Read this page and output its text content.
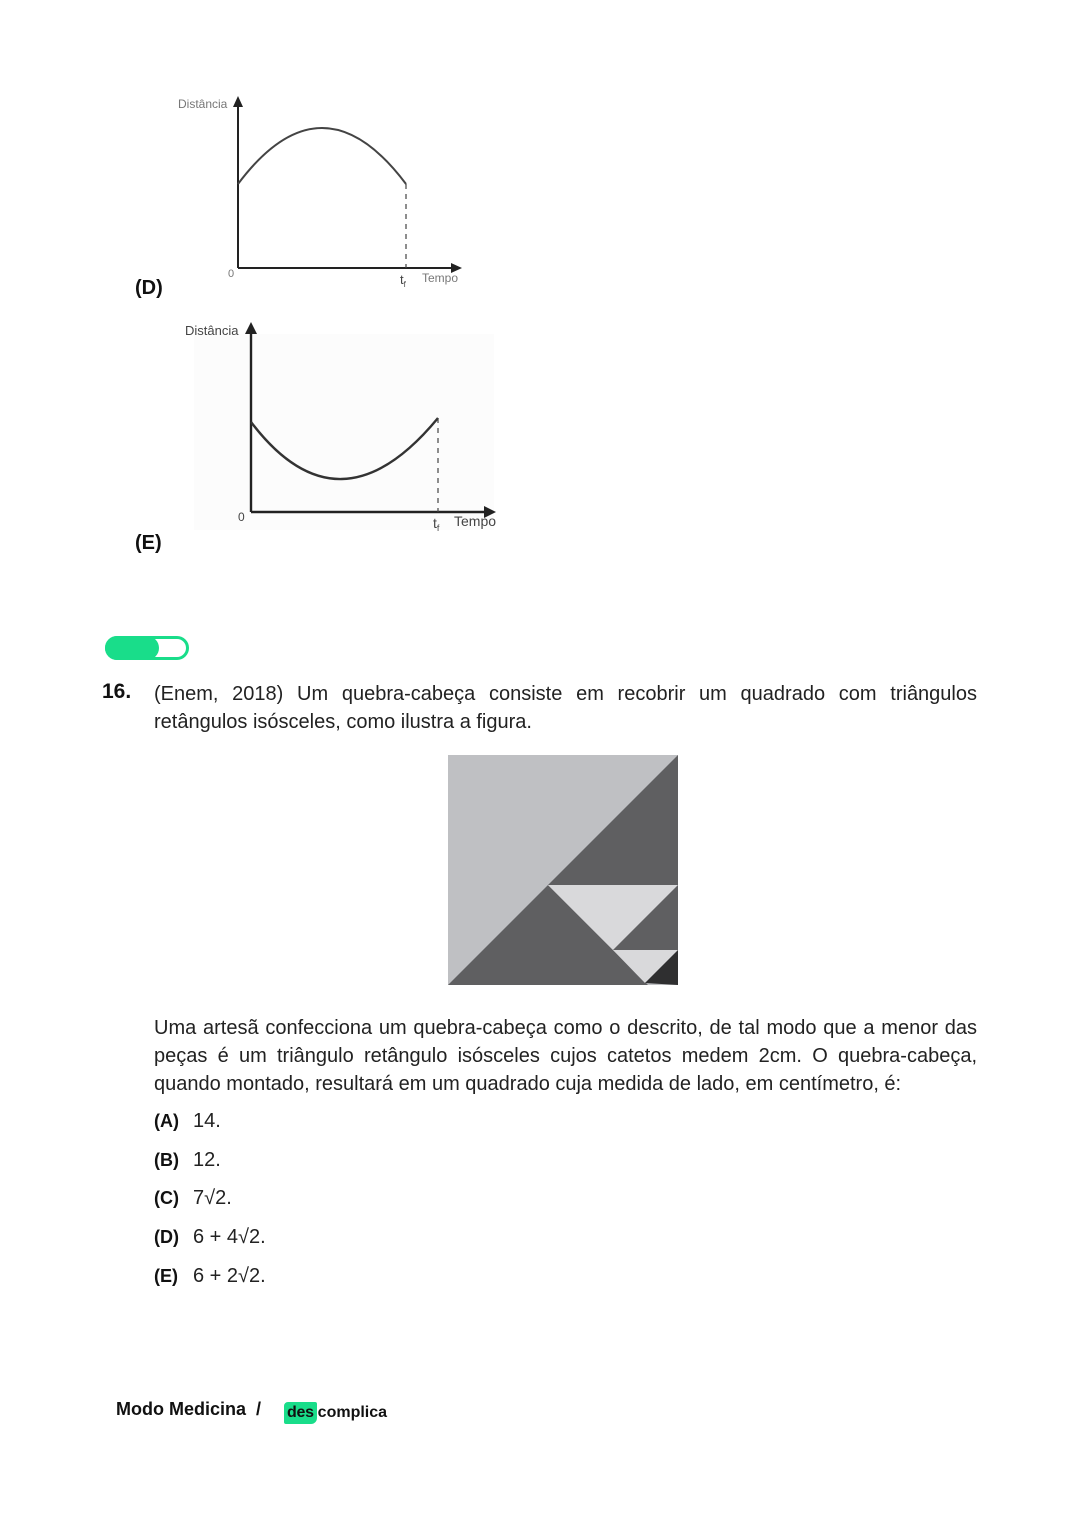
Distância
0	$t_f$ Tempo
(D)
Distância
0	$t_f$ Tempo
(E)
16. (Enem, 2018) Um quebra-cabeça consiste em recobrir um quadrado com triângulos retângulos isósceles, como ilustra a figura.

Uma artesã confecciona um quebra-cabeça como o descrito, de tal modo que a menor das peças é um triângulo retângulo isósceles cujos catetos medem 2cm. O quebra-cabeça, quando montado, resultará em um quadrado cuja medida de lado, em centímetro, é:

(A) 14.
(B) 12.
(C) 7√2.
(D) 6 + 4√2.
(E) 6 + 2√2.
Modo Medicina / des complica
